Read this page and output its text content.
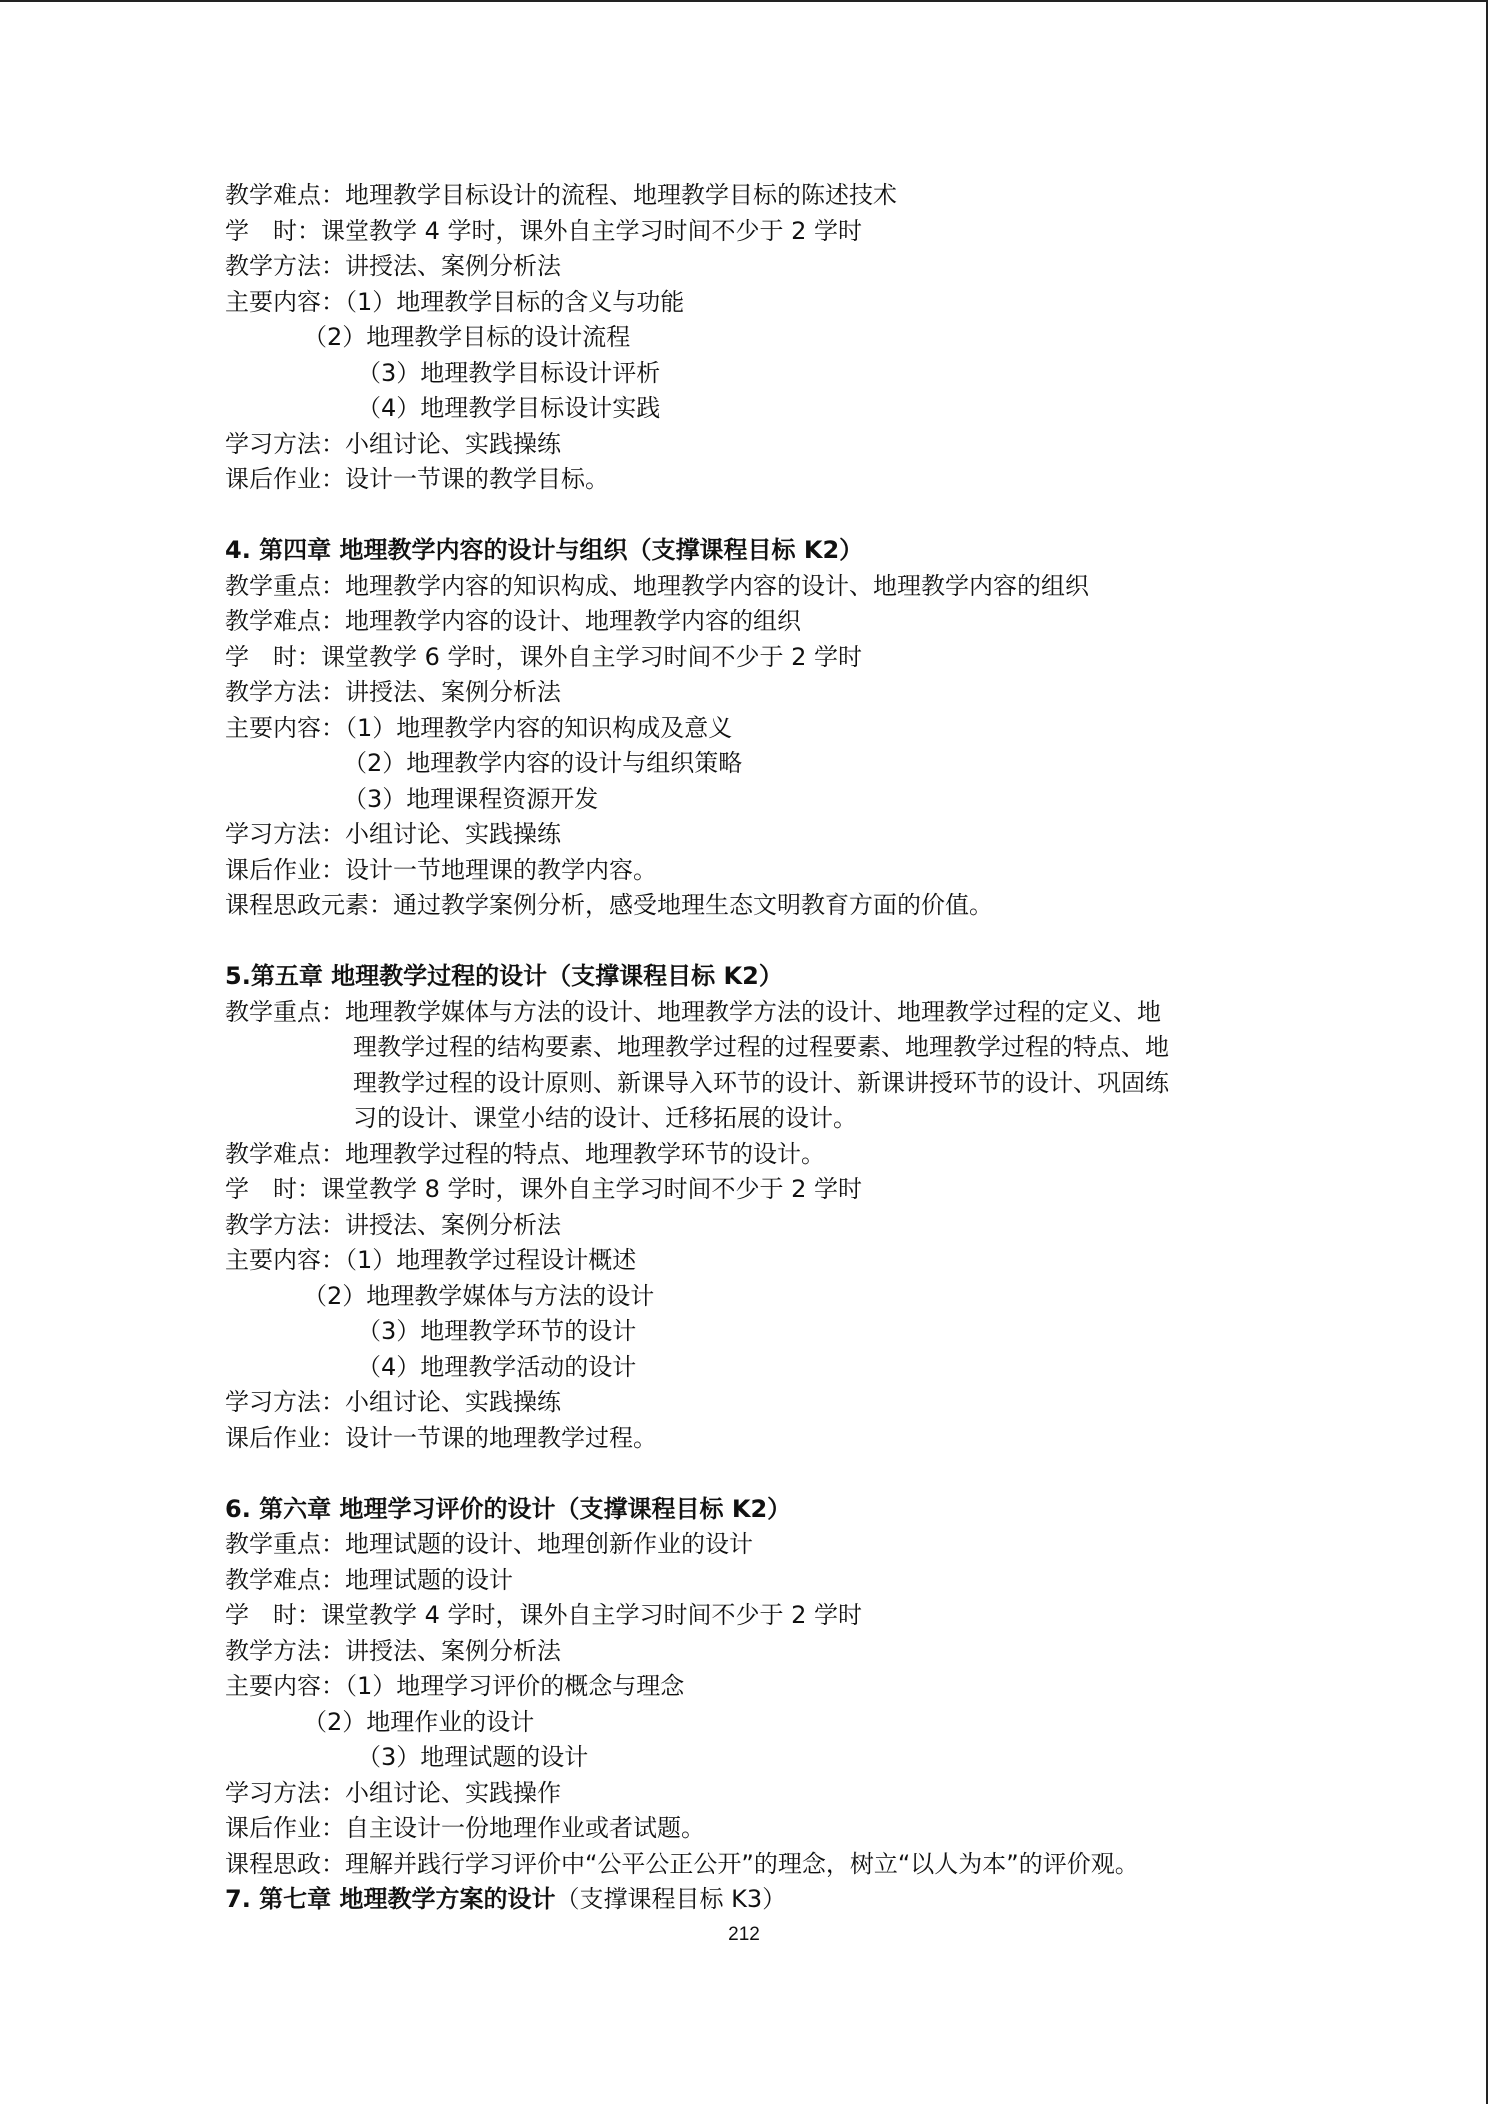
教学难点：地理教学目标设计的流程、地理教学目标的陈述技术
学　时：课堂教学 4 学时，课外自主学习时间不少于 2 学时
教学方法：讲授法、案例分析法
主要内容：（1）地理教学目标的含义与功能
（2）地理教学目标的设计流程
（3）地理教学目标设计评析
（4）地理教学目标设计实践
学习方法：小组讨论、实践操练
课后作业：设计一节课的教学目标。
4. 第四章 地理教学内容的设计与组织（支撑课程目标 K2）
教学重点：地理教学内容的知识构成、地理教学内容的设计、地理教学内容的组织
教学难点：地理教学内容的设计、地理教学内容的组织
学　时：课堂教学 6 学时，课外自主学习时间不少于 2 学时
教学方法：讲授法、案例分析法
主要内容：（1）地理教学内容的知识构成及意义
（2）地理教学内容的设计与组织策略
（3）地理课程资源开发
学习方法：小组讨论、实践操练
课后作业：设计一节地理课的教学内容。
课程思政元素：通过教学案例分析，感受地理生态文明教育方面的价值。
5.第五章 地理教学过程的设计（支撑课程目标 K2）
教学重点：地理教学媒体与方法的设计、地理教学方法的设计、地理教学过程的定义、地
理教学过程的结构要素、地理教学过程的过程要素、地理教学过程的特点、地
理教学过程的设计原则、新课导入环节的设计、新课讲授环节的设计、巩固练
习的设计、课堂小结的设计、迁移拓展的设计。
教学难点：地理教学过程的特点、地理教学环节的设计。
学　时：课堂教学 8 学时，课外自主学习时间不少于 2 学时
教学方法：讲授法、案例分析法
主要内容：（1）地理教学过程设计概述
（2）地理教学媒体与方法的设计
（3）地理教学环节的设计
（4）地理教学活动的设计
学习方法：小组讨论、实践操练
课后作业：设计一节课的地理教学过程。
6. 第六章 地理学习评价的设计（支撑课程目标 K2）
教学重点：地理试题的设计、地理创新作业的设计
教学难点：地理试题的设计
学　时：课堂教学 4 学时，课外自主学习时间不少于 2 学时
教学方法：讲授法、案例分析法
主要内容：（1）地理学习评价的概念与理念
（2）地理作业的设计
（3）地理试题的设计
学习方法：小组讨论、实践操作
课后作业：自主设计一份地理作业或者试题。
课程思政：理解并践行学习评价中“公平公正公开”的理念，树立“以人为本”的评价观。
7. 第七章 地理教学方案的设计（支撑课程目标 K3）
212
